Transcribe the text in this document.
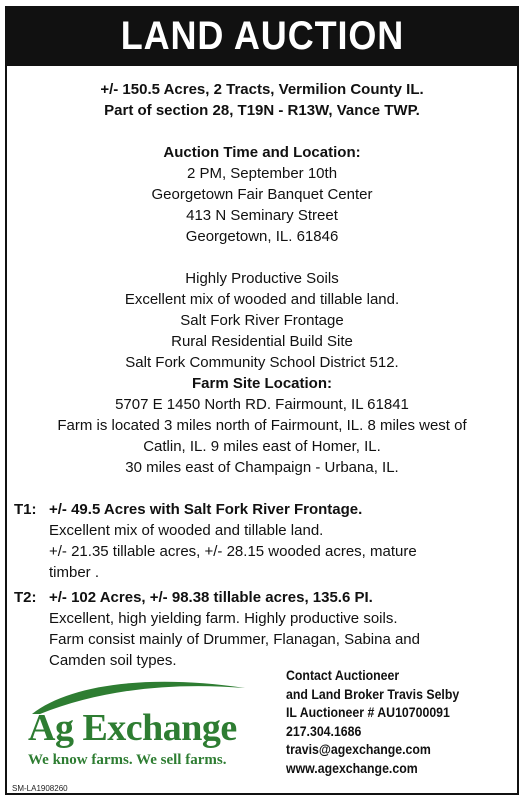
LAND AUCTION
+/- 150.5 Acres, 2 Tracts, Vermilion County IL.
Part of section 28, T19N - R13W, Vance TWP.
Auction Time and Location:
2 PM, September 10th
Georgetown Fair Banquet Center
413 N Seminary Street
Georgetown, IL. 61846
Highly Productive Soils
Excellent mix of wooded and tillable land.
Salt Fork River Frontage
Rural Residential Build Site
Salt Fork Community School District 512.
Farm Site Location:
5707 E 1450 North RD. Fairmount, IL 61841
Farm is located 3 miles north of Fairmount, IL. 8 miles west of
Catlin, IL. 9 miles east of Homer, IL.
30 miles east of Champaign - Urbana, IL.
T1: +/- 49.5 Acres with Salt Fork River Frontage.
Excellent mix of wooded and tillable land.
+/- 21.35 tillable acres, +/- 28.15 wooded acres, mature
timber .
T2: +/- 102 Acres, +/- 98.38 tillable acres, 135.6 PI.
Excellent, high yielding farm. Highly productive soils.
Farm consist mainly of Drummer, Flanagan, Sabina and
Camden soil types.
Ag Exchange
We know farms. We sell farms.
Contact Auctioneer
and Land Broker Travis Selby
IL Auctioneer # AU10700091
217.304.1686
travis@agexchange.com
www.agexchange.com
SM-LA1908260
